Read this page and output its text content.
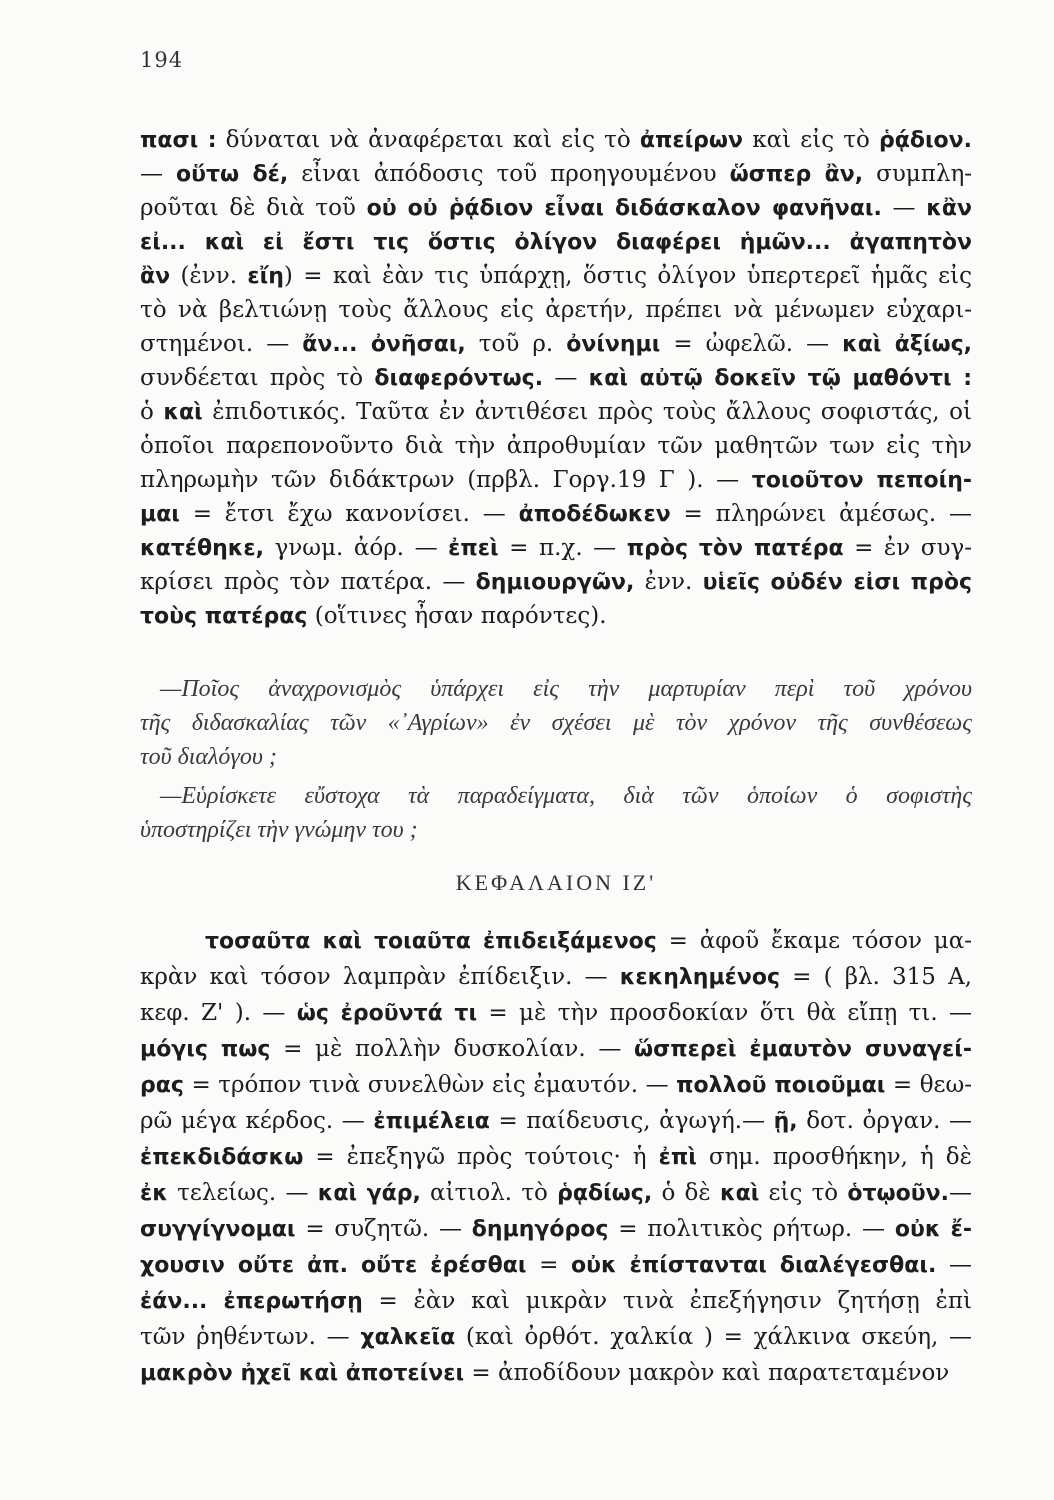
194
πασι : δύναται νὰ ἀναφέρεται καὶ εἰς τὸ ἀπείρων καὶ εἰς τὸ ῥᾴδιον.
— οὕτω δέ, εἶναι ἀπόδοσις τοῦ προηγουμένου ὥσπερ ἂν, συμπλη-
ροῦται δὲ διὰ τοῦ οὐ οὐ ῥᾴδιον εἶναι διδάσκαλον φανῆναι. — κἂν
εἰ... καὶ εἰ ἔστι τις ὅστις ὀλίγον διαφέρει ἡμῶν... ἀγαπητὸν
ἂν (ἐνν. εἴη) = καὶ ἐὰν τις ὑπάρχῃ, ὅστις ὀλίγον ὑπερτερεῖ ἡμᾶς εἰς
τὸ νὰ βελτιώνῃ τοὺς ἄλλους εἰς ἀρετήν, πρέπει νὰ μένωμεν εὐχαρι-
στημένοι. — ἄν... ὀνῆσαι, τοῦ ρ. ὀνίνημι = ὠφελῶ. — καὶ ἀξίως,
συνδέεται πρὸς τὸ διαφερόντως. — καὶ αὐτῷ δοκεῖν τῷ μαθόντι :
ὁ καὶ ἐπιδοτικός. Ταῦτα ἐν ἀντιθέσει πρὸς τοὺς ἄλλους σοφιστάς, οἱ
ὁποῖοι παρεπονοῦντο διὰ τὴν ἀπροθυμίαν τῶν μαθητῶν των εἰς τὴν
πληρωμὴν τῶν διδάκτρων (πρβλ. Γοργ.19 Γ ). — τοιοῦτον πεποίη-
μαι = ἔτσι ἔχω κανονίσει. — ἀποδέδωκεν = πληρώνει ἀμέσως. —
κατέθηκε, γνωμ. ἀόρ. — ἐπεὶ = π.χ. — πρὸς τὸν πατέρα = ἐν συγ-
κρίσει πρὸς τὸν πατέρα. — δημιουργῶν, ἐνν. υἱεῖς οὐδέν εἰσι πρὸς
τοὺς πατέρας (οἵτινες ἦσαν παρόντες).
—Ποῖος ἀναχρονισμὸς ὑπάρχει εἰς τὴν μαρτυρίαν περὶ τοῦ χρόνου
τῆς διδασκαλίας τῶν «᾿Αγρίων» ἐν σχέσει μὲ τὸν χρόνον τῆς συνθέσεως
τοῦ διαλόγου ;
—Εὑρίσκετε εὔστοχα τὰ παραδείγματα, διὰ τῶν ὁποίων ὁ σοφιστὴς
ὑποστηρίζει τὴν γνώμην του ;
ΚΕΦΑΛΑΙΟΝ ΙΖ'
τοσαῦτα καὶ τοιαῦτα ἐπιδειξάμενος = ἀφοῦ ἔκαμε τόσον μα-
κρὰν καὶ τόσον λαμπρὰν ἐπίδειξιν. — κεκηλημένος = ( βλ. 315 Α,
κεφ. Ζ' ). — ὡς ἐροῦντά τι = μὲ τὴν προσδοκίαν ὅτι θὰ εἴπῃ τι. —
μόγις πως = μὲ πολλὴν δυσκολίαν. — ὥσπερεὶ ἐμαυτὸν συναγεί-
ρας = τρόπον τινὰ συνελθὼν εἰς ἐμαυτόν. — πολλοῦ ποιοῦμαι = θεω-
ρῶ μέγα κέρδος. — ἐπιμέλεια = παίδευσις, ἀγωγή.— ῇ, δοτ. ὀργαν. —
ἐπεκδιδάσκω = ἐπεξηγῶ πρὸς τούτοις· ἡ ἐπὶ σημ. προσθήκην, ἡ δὲ
ἐκ τελείως. — καὶ γάρ, αἰτιολ. τὸ ῥᾳδίως, ὁ δὲ καὶ εἰς τὸ ὁτῳοῦν.—
συγγίγνομαι = συζητῶ. — δημηγόρος = πολιτικὸς ρήτωρ. — οὐκ ἔ-
χουσιν οὔτε ἀπ. οὔτε ἐρέσθαι = οὐκ ἐπίστανται διαλέγεσθαι. —
ἐάν... ἐπερωτήσῃ = ἐὰν καὶ μικρὰν τινὰ ἐπεξήγησιν ζητήσῃ ἐπὶ
τῶν ῥηθέντων. — χαλκεῖα (καὶ ὀρθότ. χαλκία ) = χάλκινα σκεύη, —
μακρὸν ἠχεῖ καὶ ἀποτείνει = ἀποδίδουν μακρὸν καὶ παρατεταμένον
